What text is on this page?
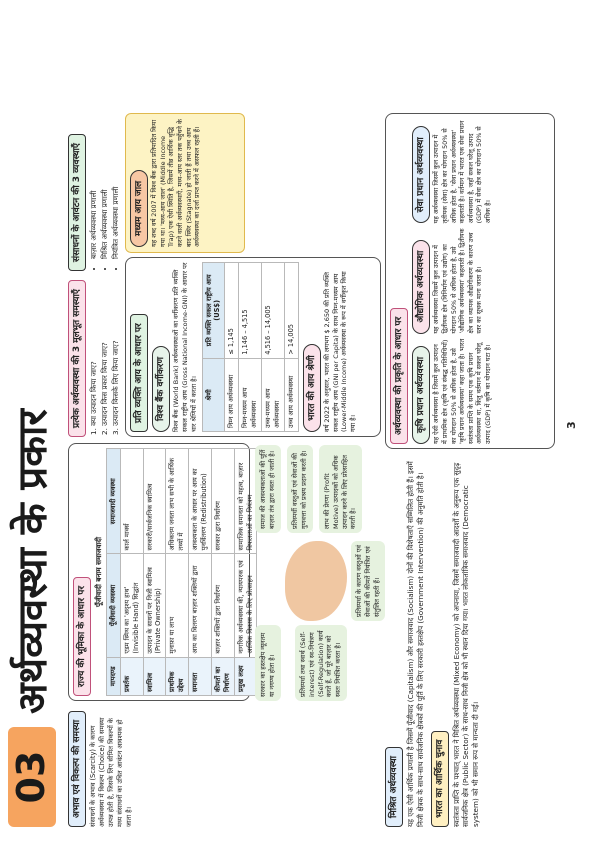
03
अर्थव्यवस्था के प्रकार
अभाव एवं विकल्प की समस्या संसाधनों के अभाव (Scarcity) के कारण अर्थव्यवस्था में विकल्प (Choice) की समस्या उत्पन्न होती है, जिसके लिए सीमित विकल्पों के मध्य संसाधनों का उचित आवंटन आवश्यक हो जाता है।

राज्य की भूमिका के आधार पर
पूँजीवादी बनाम समाजवादी
मापदण्ड	पूँजीवादी व्यवस्था	समाजवादी व्यवस्था
प्रवर्तक	एडम स्मिथ का 'अदृश्य हाथ' (Invisible Hand) सिद्धांत	कार्ल मार्क्स
स्वामित्व	उत्पादन के साधनों पर निजी स्वामित्व (Private Ownership)	सरकारी/सार्वजनिक स्वामित्व
प्राथमिक उद्देश्य	मुनाफ़ा या लाभ	अधिकतम जनता लाभ सभी के आर्थिक तथ्यों में
समानता	आय का वितरण बाज़ार शक्तियों द्वारा	आवश्यकता के आधार पर आय का पुनर्वितरण (Redistribution)
कीमतों का निर्धारण	बाज़ार शक्तियों द्वारा निर्धारण	सरकार द्वारा निर्धारण
प्रमुख लक्ष्य	नागरिक अर्थव्यवस्था की, न्यायपरक एवं आर्थिक विकास के लिए प्रोत्साहन	सामाजिक समानता को महत्व, बाज़ार विफलताओं का नियंत्रण
सरकार का हस्तक्षेप न्यूनतम या नगण्य होता है।	प्रतिस्पर्धा तथा स्वार्थ (Self-interest) एवं स्व-नियंत्रण (Self-Regulation) कार्य करते हैं, जो पूरे बाज़ार को स्वतः नियंत्रित करता है।
समाज की आवश्यकताओं की पूर्ति बाज़ार तंत्र द्वारा स्वतः ही जाती है।	प्रतिस्पर्धी वस्तुओं एवं सेवाओं की गुणवत्ता को प्रश्रय प्रदान करती है।	लाभ की प्रेरणा (Profit Motive) उत्पादकों को अधिक उत्पादन करने के लिए प्रोत्साहित करती है।
प्रतिस्पर्धा के कारण वस्तुओं एवं सेवाओं की कीमतें नियंत्रित एवं संतुलित रहती हैं।
प्रत्येक अर्थव्यवस्था की 3 मूलभूत समस्याएँ 1. क्या उत्पादन किया जाए? 2. उत्पादन किस प्रकार किया जाए? 3. उत्पादन किसके लिए किया जाए?
संसाधनों के आवंटन की 3 व्यवस्थाएँ • बाज़ार अर्थव्यवस्था प्रणाली • मिश्रित अर्थव्यवस्था प्रणाली • नियंत्रित अर्थव्यवस्था प्रणाली
प्रति व्यक्ति आय के आधार पर विश्व बैंक वर्गीकरण विश्व बैंक (World Bank) अर्थव्यवस्थाओं का वर्गीकरण प्रति व्यक्ति सकल राष्ट्रीय आय (Gross National Income-GNI) के आधार पर चार श्रेणियों में करता है। श्रेणी	प्रति व्यक्ति सकल राष्ट्रीय आय (US$)
निम्न आय अर्थव्यवस्था	≤ 1,145
निम्न-मध्यम आय अर्थव्यवस्था	1,146 – 4,515
उच्च-मध्यम आय अर्थव्यवस्था	4,516 – 14,005
उच्च आय अर्थव्यवस्था	> 14,005
भारत की आय श्रेणी वर्ष 2022 के अनुसार, भारत की लगभग $ 2,650 की प्रति व्यक्ति सकल राष्ट्रीय आय (GNI per Capita) के साथ निम्न-मध्यम आय (Lower-Middle Income) अर्थव्यवस्था के रूप में वर्गीकृत किया गया है।

मध्यम आय जाल यह शब्द वर्ष 2007 में विश्व बैंक द्वारा प्रतिपादित किया गया था। 'मध्य-आय जाल' (Middle Income Trap) एक ऐसी स्थिति है, जिसमें तीव्र आर्थिक वृद्धि करने वाली अर्थव्यवस्थाएँ, मध्य-आय स्तर तक पहुँचने के बाद स्थिर (Stagnate) हो जाती हैं तथा उच्च आय अर्थव्यवस्था का दर्जा प्राप्त करने में असफल रहती हैं।

मिश्रित अर्थव्यवस्था यह एक ऐसी आर्थिक प्रणाली है जिसमें पूँजीवाद (Capitalism) और समाजवाद (Socialism) दोनों की विशेषताएँ सम्मिलित होती हैं। इसमें निजी क्षेत्रक के साथ-साथ सार्वजनिक क्षेत्रकों की पूर्ति के लिए सरकारी हस्तक्षेप (Government Intervention) की अनुमति होती है। भारत का आर्थिक चुनाव स्वतंत्रता प्राप्ति के पश्चात् भारत ने मिश्रित अर्थव्यवस्था (Mixed Economy) को अपनाया, जिसमें समाजवादी आदर्शों के अनुरूप एक सुदृढ़ सार्वजनिक क्षेत्र (Public Sector) के साथ-साथ निजी क्षेत्र को भी स्थान दिया गया। भारत लोकतांत्रिक समाजवाद (Democratic system) को भी समान रूप से मान्यता दी गई।

अर्थव्यवस्था की प्रकृति के आधार पर	कृषि प्रधान अर्थव्यवस्था यह ऐसी अर्थव्यवस्था है जिसमें कुल उत्पादन में प्राथमिक क्षेत्र (कृषि एवं संबद्ध गतिविधियों) का योगदान 50% से अधिक होता है, उसे 'कृषि प्रधान अर्थव्यवस्था' कहा जाता है। भारत स्वतंत्रता प्राप्ति के समय एक कृषि प्रधान अर्थव्यवस्था था, किंतु वर्तमान में सकल घरेलू उत्पाद (GDP) में कृषि का योगदान घटा है।

औद्योगिक अर्थव्यवस्था यह अर्थव्यवस्था जिसमें कुल उत्पादन में द्वितीयक क्षेत्र (विनिर्माण एवं उद्योग) का योगदान 50% से अधिक होता है, उसे 'औद्योगिक अर्थव्यवस्था' कहलाती है। द्वितीयक क्षेत्र का व्यापक औद्योगीकरण के कारण उच्च स्तर का सूचक माना जाता है।

सेवा प्रधान अर्थव्यवस्था यह अर्थव्यवस्था जिसमें कुल उत्पादन में तृतीयक (सेवा) क्षेत्र का योगदान 50% से अधिक होता है, 'सेवा प्रधान अर्थव्यवस्था' कहलाती है। वर्तमान में भारत एक सेवा प्रधान अर्थव्यवस्था है, जहाँ सकल घरेलू उत्पाद (GDP) में सेवा क्षेत्र का योगदान 50% से अधिक है।

3
